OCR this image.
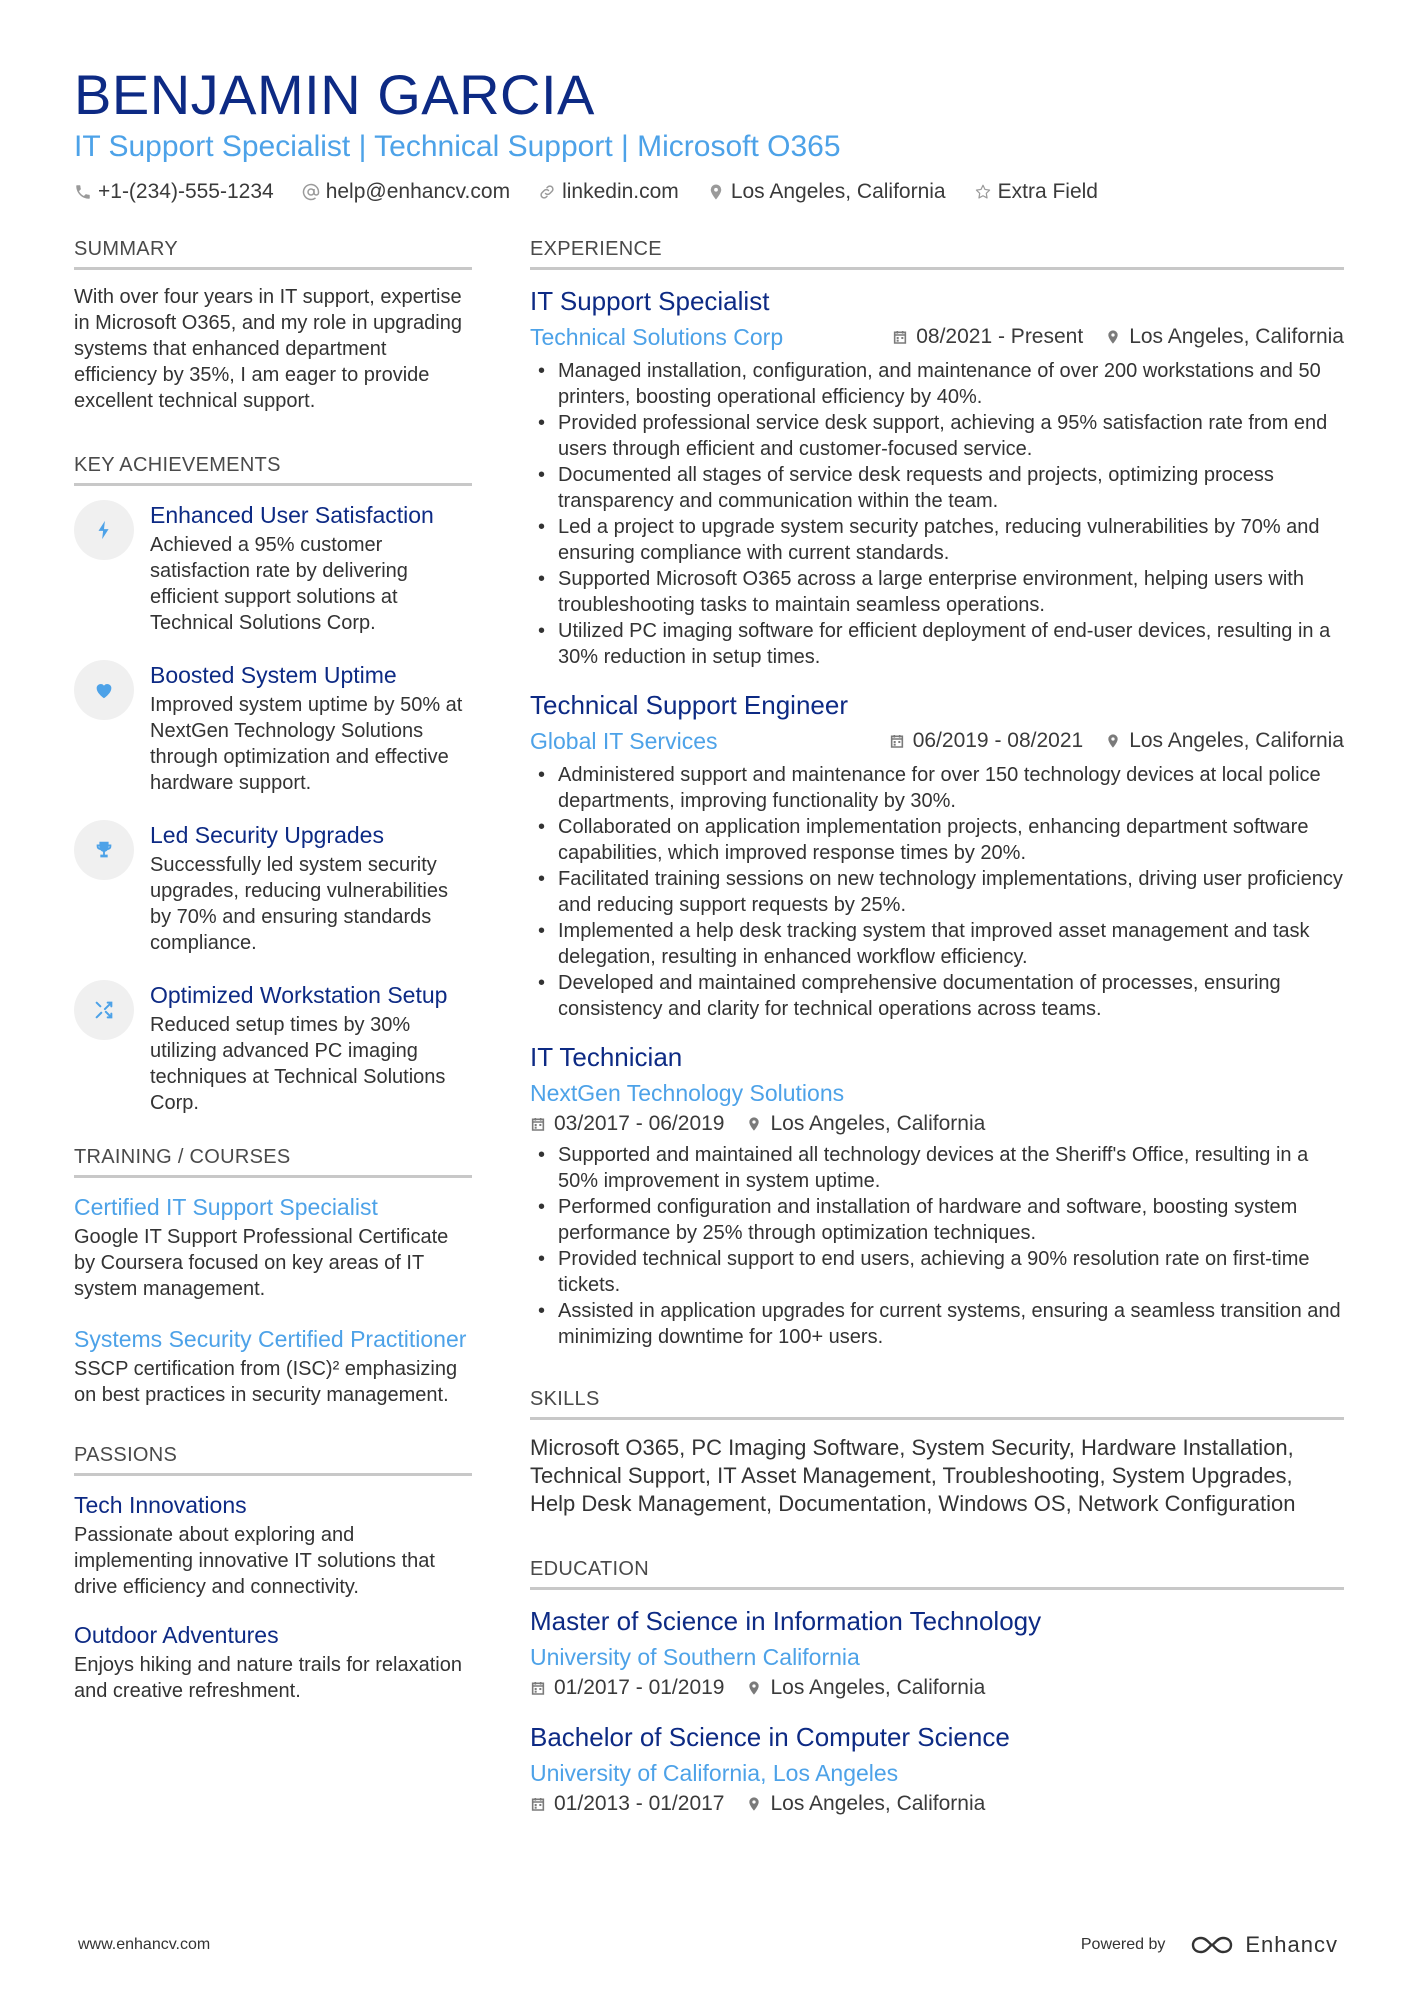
BENJAMIN GARCIA
IT Support Specialist | Technical Support | Microsoft O365
+1-(234)-555-1234 help@enhancv.com linkedin.com Los Angeles, California Extra Field
SUMMARY
With over four years in IT support, expertise in Microsoft O365, and my role in upgrading systems that enhanced department efficiency by 35%, I am eager to provide excellent technical support.
KEY ACHIEVEMENTS
Enhanced User Satisfaction
Achieved a 95% customer satisfaction rate by delivering efficient support solutions at Technical Solutions Corp.
Boosted System Uptime
Improved system uptime by 50% at NextGen Technology Solutions through optimization and effective hardware support.
Led Security Upgrades
Successfully led system security upgrades, reducing vulnerabilities by 70% and ensuring standards compliance.
Optimized Workstation Setup
Reduced setup times by 30% utilizing advanced PC imaging techniques at Technical Solutions Corp.
TRAINING / COURSES
Certified IT Support Specialist
Google IT Support Professional Certificate by Coursera focused on key areas of IT system management.
Systems Security Certified Practitioner
SSCP certification from (ISC)² emphasizing on best practices in security management.
PASSIONS
Tech Innovations
Passionate about exploring and implementing innovative IT solutions that drive efficiency and connectivity.
Outdoor Adventures
Enjoys hiking and nature trails for relaxation and creative refreshment.
EXPERIENCE
IT Support Specialist
Technical Solutions Corp	08/2021 - Present Los Angeles, California
• Managed installation, configuration, and maintenance of over 200 workstations and 50 printers, boosting operational efficiency by 40%.
• Provided professional service desk support, achieving a 95% satisfaction rate from end users through efficient and customer-focused service.
• Documented all stages of service desk requests and projects, optimizing process transparency and communication within the team.
• Led a project to upgrade system security patches, reducing vulnerabilities by 70% and ensuring compliance with current standards.
• Supported Microsoft O365 across a large enterprise environment, helping users with troubleshooting tasks to maintain seamless operations.
• Utilized PC imaging software for efficient deployment of end-user devices, resulting in a 30% reduction in setup times.
Technical Support Engineer
Global IT Services	06/2019 - 08/2021 Los Angeles, California
• Administered support and maintenance for over 150 technology devices at local police departments, improving functionality by 30%.
• Collaborated on application implementation projects, enhancing department software capabilities, which improved response times by 20%.
• Facilitated training sessions on new technology implementations, driving user proficiency and reducing support requests by 25%.
• Implemented a help desk tracking system that improved asset management and task delegation, resulting in enhanced workflow efficiency.
• Developed and maintained comprehensive documentation of processes, ensuring consistency and clarity for technical operations across teams.
IT Technician
NextGen Technology Solutions
03/2017 - 06/2019 Los Angeles, California
• Supported and maintained all technology devices at the Sheriff's Office, resulting in a 50% improvement in system uptime.
• Performed configuration and installation of hardware and software, boosting system performance by 25% through optimization techniques.
• Provided technical support to end users, achieving a 90% resolution rate on first-time tickets.
• Assisted in application upgrades for current systems, ensuring a seamless transition and minimizing downtime for 100+ users.
SKILLS
Microsoft O365, PC Imaging Software, System Security, Hardware Installation, Technical Support, IT Asset Management, Troubleshooting, System Upgrades, Help Desk Management, Documentation, Windows OS, Network Configuration
EDUCATION
Master of Science in Information Technology
University of Southern California
01/2017 - 01/2019 Los Angeles, California
Bachelor of Science in Computer Science
University of California, Los Angeles
01/2013 - 01/2017 Los Angeles, California
www.enhancv.com	Powered by	Enhancv
